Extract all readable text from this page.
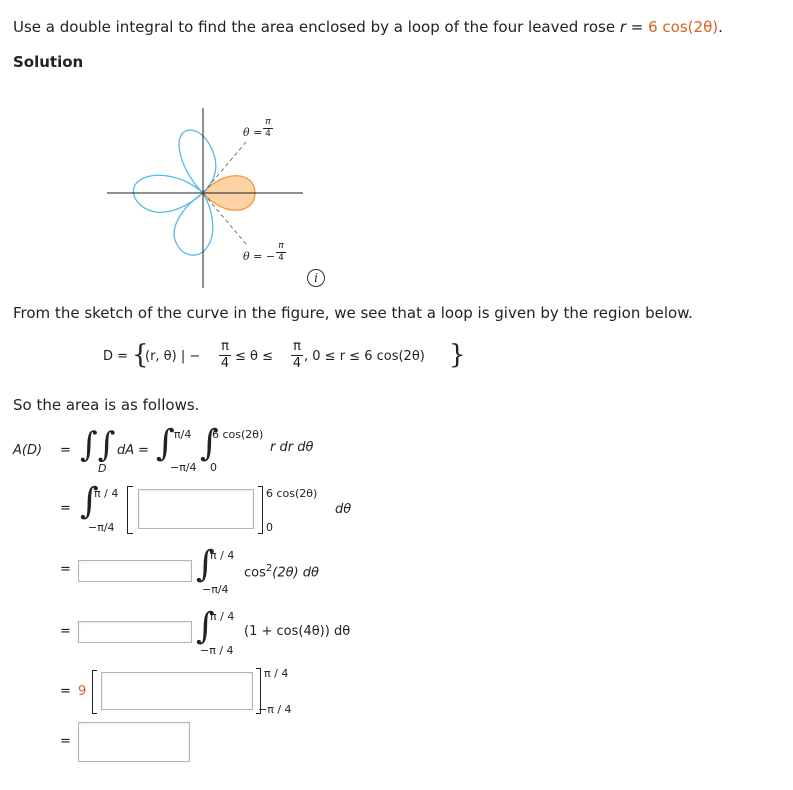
Use a double integral to find the area enclosed by a loop of the four leaved rose r = 6 cos(2θ).
Solution
θ =
π
4
θ = −
π
4
i
From the sketch of the curve in the figure, we see that a loop is given by the region below.
D = {
(r, θ) | −
π
4 ≤ θ ≤
π
4 , 0 ≤ r ≤ 6 cos(2θ) }
So the area is as follows.
A(D) = ∫∫
D
dA = ∫ π/4
−π/4
∫
6 cos(2θ)
0
r dr dθ
= ∫
π / 4
−π/4
6 cos(2θ)
0
dθ
=	∫
π / 4
−π/4
$\cos^2(2\theta)$ dθ
=	∫
π / 4
−π / 4
(1 + cos(4θ)) dθ
= 9
π / 4
−π / 4
=
